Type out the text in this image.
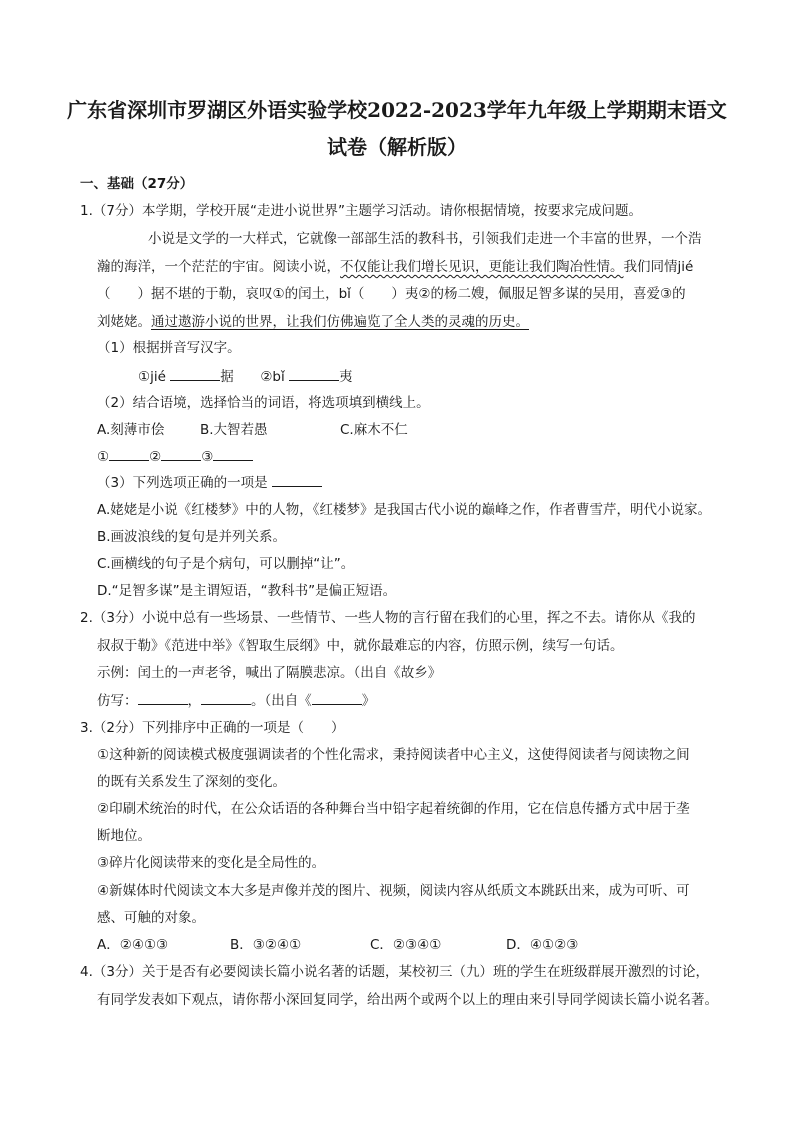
广东省深圳市罗湖区外语实验学校2022-2023学年九年级上学期期末语文
试卷（解析版）
一、基础（27分）
1.（7分）本学期，学校开展“走进小说世界”主题学习活动。请你根据情境，按要求完成问题。
小说是文学的一大样式，它就像一部部生活的教科书，引领我们走进一个丰富的世界，一个浩
瀚的海洋，一个茫茫的宇宙。阅读小说，不仅能让我们增长见识，更能让我们陶冶性情。我们同情jié
（　　）据不堪的于勒，哀叹①的闰土，bǐ（　　）夷②的杨二嫂，佩服足智多谋的吴用，喜爱③的
刘姥姥。通过遨游小说的世界，让我们仿佛遍览了全人类的灵魂的历史。
（1）根据拼音写汉字。
①jié	据 ②bǐ	夷
（2）结合语境，选择恰当的词语，将选项填到横线上。
A.刻薄市侩	B.大智若愚	C.麻木不仁
①	②	③
（3）下列选项正确的一项是
A.姥姥是小说《红楼梦》中的人物，《红楼梦》是我国古代小说的巅峰之作，作者曹雪芹，明代小说家。
B.画波浪线的复句是并列关系。
C.画横线的句子是个病句，可以删掉“让”。
D.“足智多谋”是主谓短语，“教科书”是偏正短语。
2.（3分）小说中总有一些场景、一些情节、一些人物的言行留在我们的心里，挥之不去。请你从《我的
叔叔于勒》《范进中举》《智取生辰纲》中，就你最难忘的内容，仿照示例，续写一句话。
示例：闰土的一声老爷，喊出了隔膜悲凉。（出自《故乡》
仿写：	，	。（出自《	》
3.（2分）下列排序中正确的一项是（　　）
①这种新的阅读模式极度强调读者的个性化需求，秉持阅读者中心主义，这使得阅读者与阅读物之间
的既有关系发生了深刻的变化。
②印刷术统治的时代，在公众话语的各种舞台当中铅字起着统御的作用，它在信息传播方式中居于垄
断地位。
③碎片化阅读带来的变化是全局性的。
④新媒体时代阅读文本大多是声像并茂的图片、视频，阅读内容从纸质文本跳跃出来，成为可听、可
感、可触的对象。
A．②④①③	B．③②④①	C．②③④①	D．④①②③
4.（3分）关于是否有必要阅读长篇小说名著的话题，某校初三（九）班的学生在班级群展开激烈的讨论，
有同学发表如下观点，请你帮小深回复同学，给出两个或两个以上的理由来引导同学阅读长篇小说名著。
